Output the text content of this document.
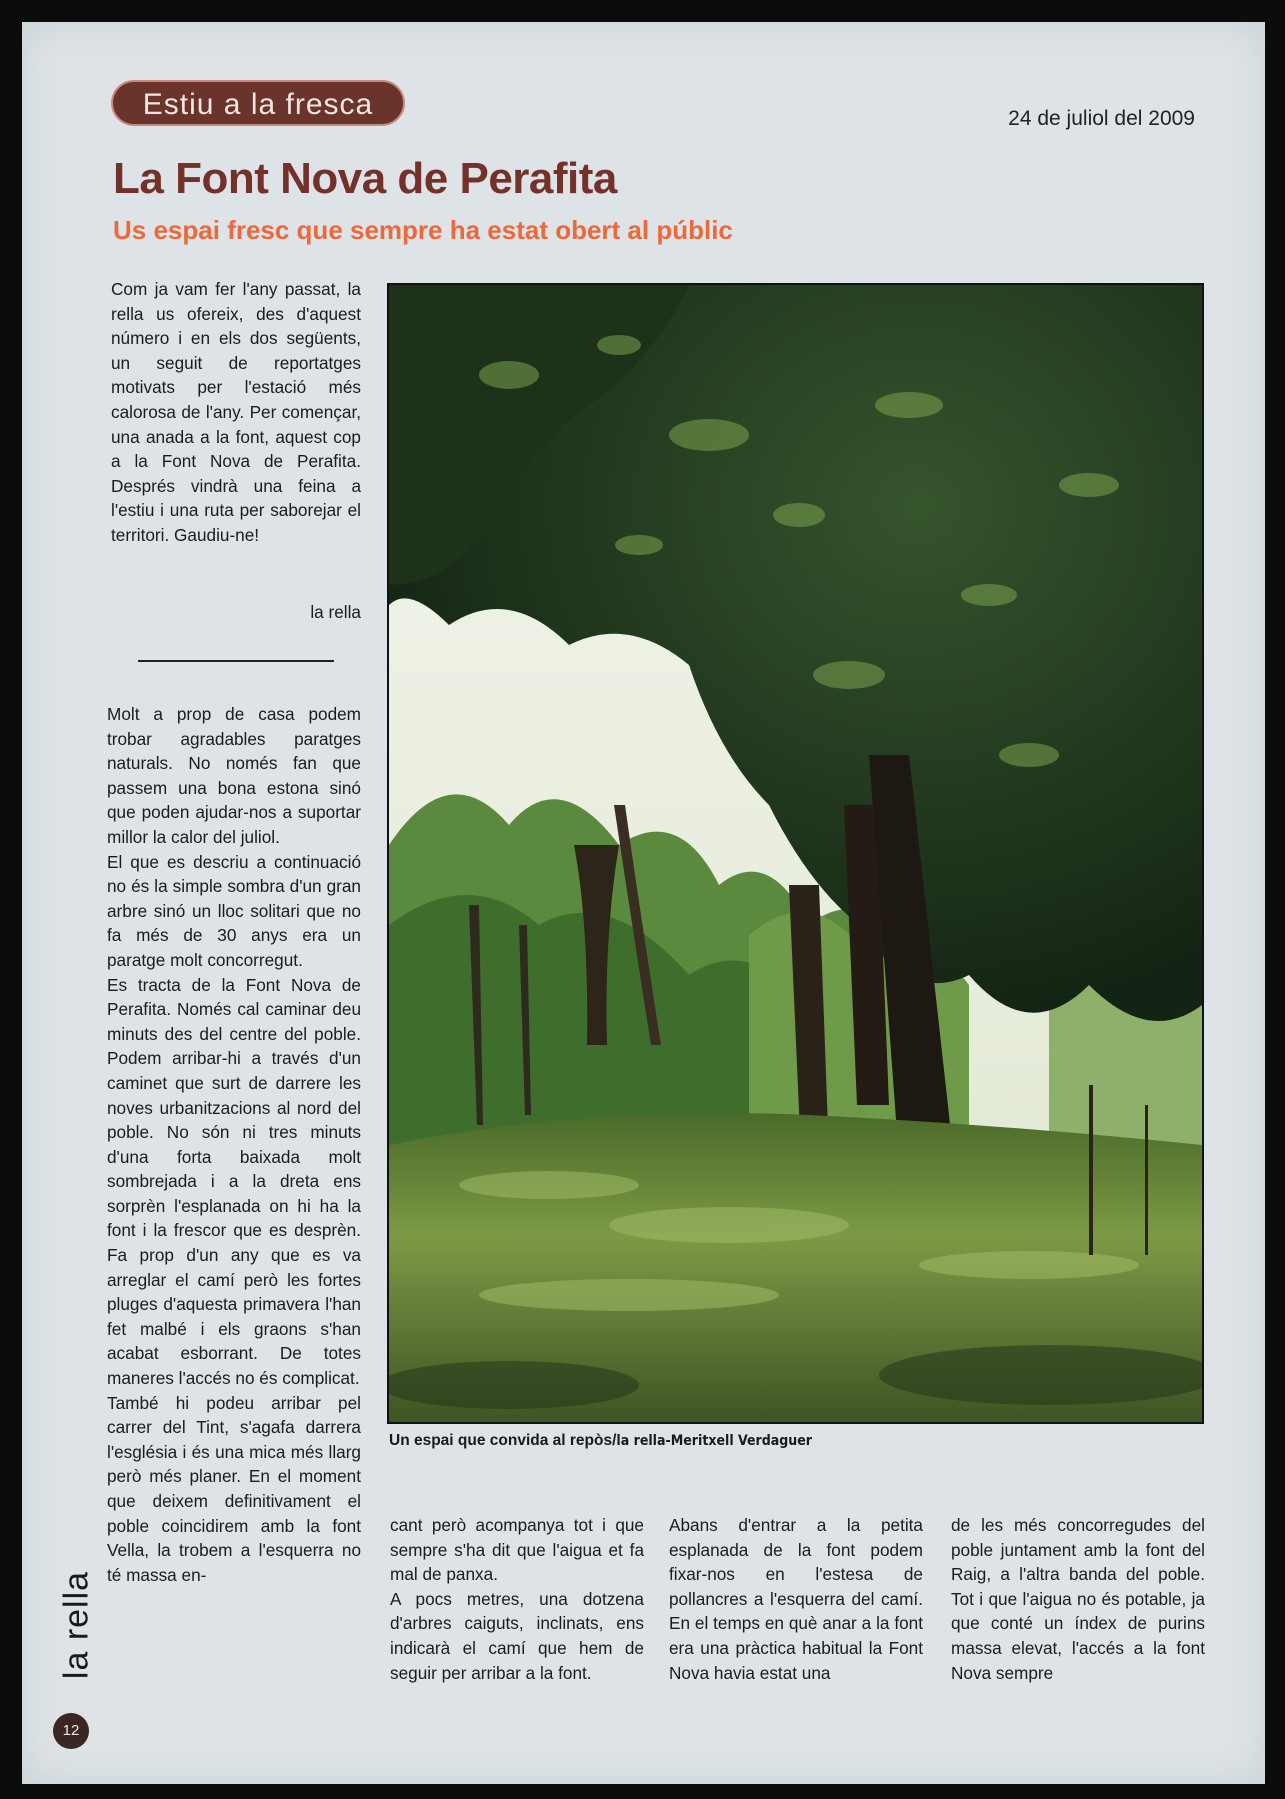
Estiu a la fresca	24 de juliol del 2009
La Font Nova de Perafita
Us espai fresc que sempre ha estat obert al públic

Com ja vam fer l'any passat, la rella us ofereix, des d'aquest número i en els dos següents, un seguit de reportatges motivats per l'estació més calorosa de l'any. Per començar, una anada a la font, aquest cop a la Font Nova de Perafita. Després vindrà una feina a l'estiu i una ruta per saborejar el territori. Gaudiu-ne!

la rella

Molt a prop de casa podem trobar agradables paratges naturals. No només fan que passem una bona estona sinó que poden ajudar-nos a suportar millor la calor del juliol.

El que es descriu a continuació no és la simple sombra d'un gran arbre sinó un lloc solitari que no fa més de 30 anys era un paratge molt concorregut.

Es tracta de la Font Nova de Perafita. Només cal caminar deu minuts des del centre del poble. Podem arribar-hi a través d'un caminet que surt de darrere les noves urbanitzacions al nord del poble. No són ni tres minuts d'una forta baixada molt sombrejada i a la dreta ens sorprèn l'esplanada on hi ha la font i la frescor que es desprèn. Fa prop d'un any que es va arreglar el camí però les fortes pluges d'aquesta primavera l'han fet malbé i els graons s'han acabat esborrant. De totes maneres l'accés no és complicat.

També hi podeu arribar pel carrer del Tint, s'agafa darrera l'església i és una mica més llarg però més planer. En el moment que deixem definitivament el poble coincidirem amb la font Vella, la trobem a l'esquerra no té massa en-

Un espai que convida al repòs/la rella-Meritxell Verdaguer

cant però acompanya tot i que sempre s'ha dit que l'aigua et fa mal de panxa.

A pocs metres, una dotzena d'arbres caiguts, inclinats, ens indicarà el camí que hem de seguir per arribar a la font.

Abans d'entrar a la petita esplanada de la font podem fixar-nos en l'estesa de pollancres a l'esquerra del camí. En el temps en què anar a la font era una pràctica habitual la Font Nova havia estat una

de les més concorregudes del poble juntament amb la font del Raig, a l'altra banda del poble. Tot i que l'aigua no és potable, ja que conté un índex de purins massa elevat, l'accés a la font Nova sempre

la rella
12
